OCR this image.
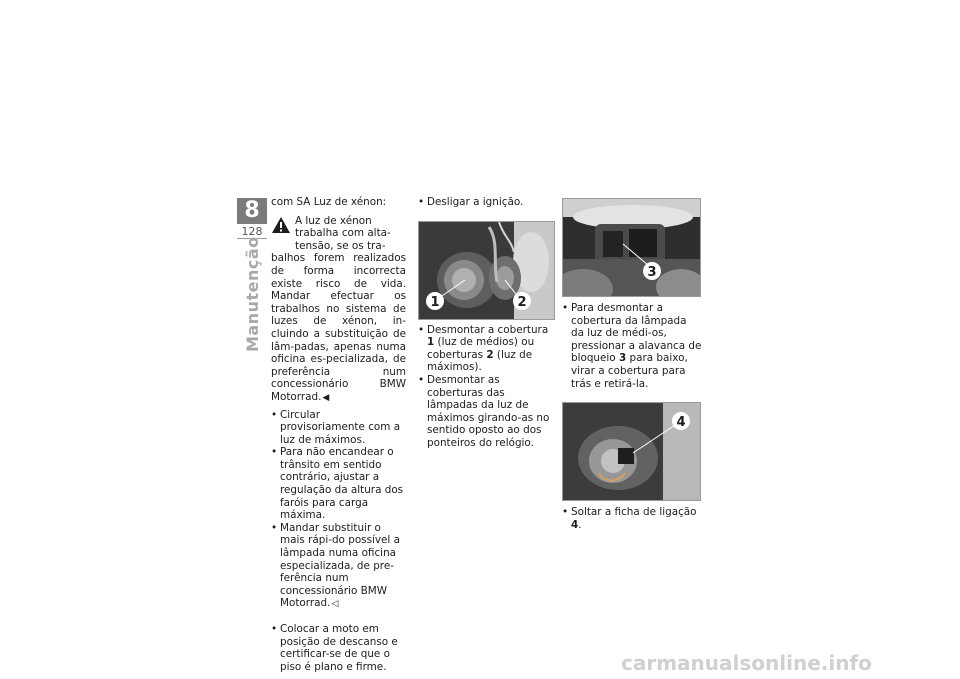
8
128
Manutenção

com SA Luz de xénon:

A luz de xénon trabalha com alta-tensão, se os tra-

balhos forem realizados de forma incorrecta existe risco de vida. Mandar efectuar os trabalhos no sistema de luzes de xénon, in-cluindo a substituição de lâm-padas, apenas numa oficina es-pecializada, de preferência num concessionário BMW Motorrad.◀

• Circular provisoriamente com a luz de máximos.
• Para não encandear o trânsito em sentido contrário, ajustar a regulação da altura dos faróis para carga máxima.
• Mandar substituir o mais rápi-do possível a lâmpada numa oficina especializada, de pre-ferência num concessionário BMW Motorrad.◁
• Colocar a moto em posição de descanso e certificar-se de que o piso é plano e firme.
• Desligar a ignição.
1	2
• Desmontar a cobertura 1 (luz de médios) ou coberturas 2 (luz de máximos).
• Desmontar as coberturas das lâmpadas da luz de máximos girando-as no sentido oposto ao dos ponteiros do relógio.
3
• Para desmontar a cobertura da lâmpada da luz de médi-os, pressionar a alavanca de bloqueio 3 para baixo, virar a cobertura para trás e retirá-la.
4
• Soltar a ficha de ligação 4.
carmanualsonline.info
